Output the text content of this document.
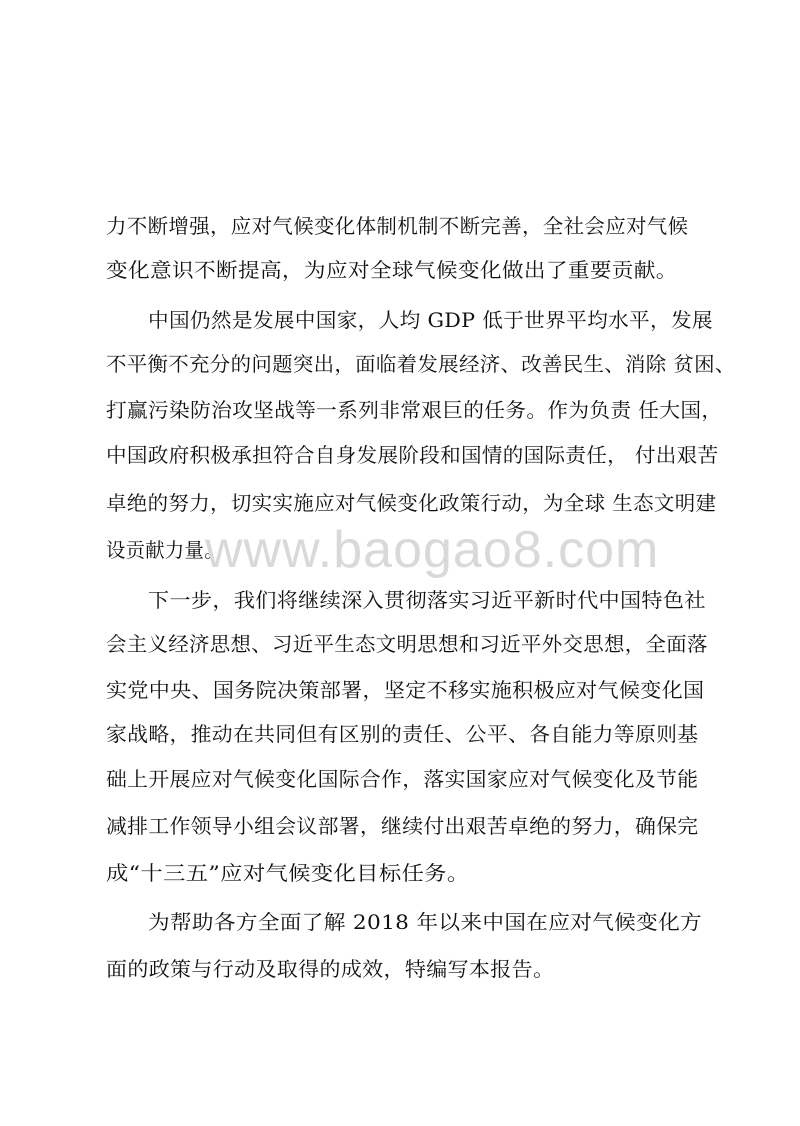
力不断增强，应对气候变化体制机制不断完善，全社会应对气候
变化意识不断提高，为应对全球气候变化做出了重要贡献。
中国仍然是发展中国家，人均 GDP 低于世界平均水平，发展
不平衡不充分的问题突出，面临着发展经济、改善民生、消除 贫困、
打赢污染防治攻坚战等一系列非常艰巨的任务。作为负责 任大国，
中国政府积极承担符合自身发展阶段和国情的国际责任， 付出艰苦
卓绝的努力，切实实施应对气候变化政策行动，为全球 生态文明建
设贡献力量。
www.baogao8.com
下一步，我们将继续深入贯彻落实习近平新时代中国特色社
会主义经济思想、习近平生态文明思想和习近平外交思想，全面落
实党中央、国务院决策部署，坚定不移实施积极应对气候变化国
家战略，推动在共同但有区别的责任、公平、各自能力等原则基
础上开展应对气候变化国际合作，落实国家应对气候变化及节能
减排工作领导小组会议部署，继续付出艰苦卓绝的努力，确保完
成“十三五”应对气候变化目标任务。
为帮助各方全面了解 2018 年以来中国在应对气候变化方
面的政策与行动及取得的成效，特编写本报告。
